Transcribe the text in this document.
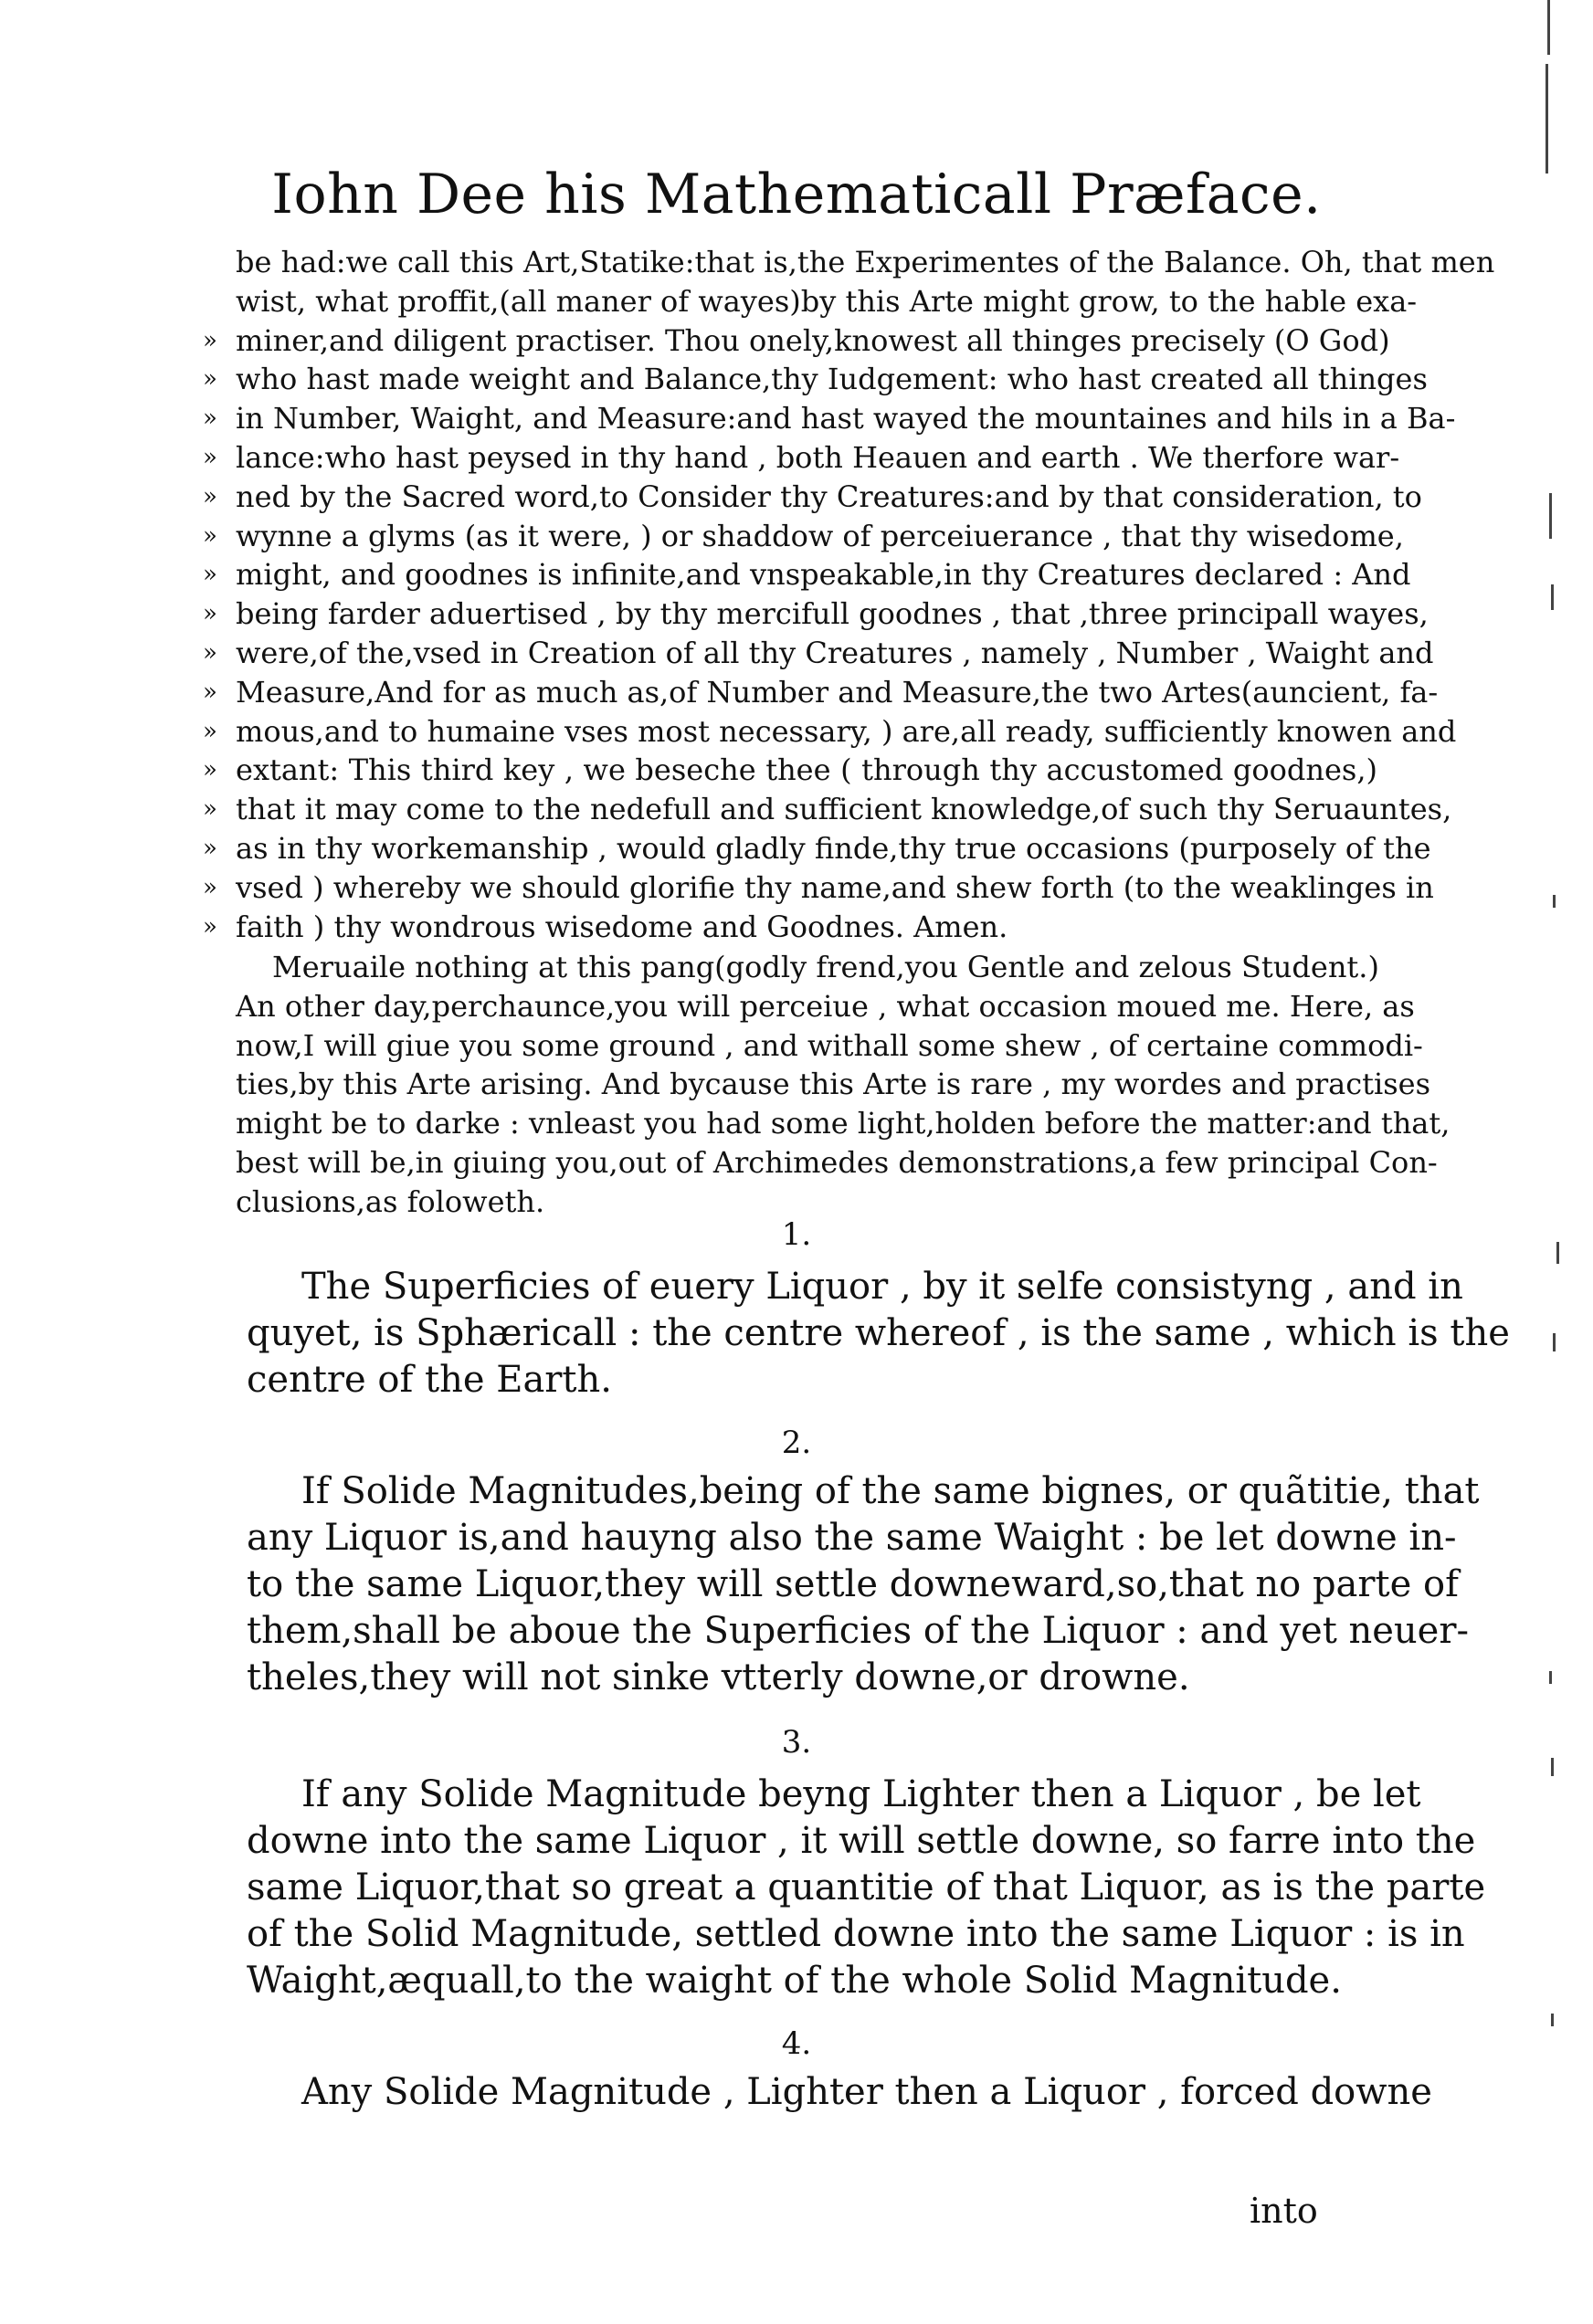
Iohn Dee his Mathematicall Præface.
be had:we call this Art,Statike:that is,the Experimentes of the Balance. Oh, that men
wist, what proffit,(all maner of wayes)by this Arte might grow, to the hable exa-
miner,and diligent practiser. Thou onely,knowest all thinges precisely (O God)
who hast made weight and Balance,thy Iudgement: who hast created all thinges
in Number, Waight, and Measure:and hast wayed the mountaines and hils in a Ba-
lance:who hast peysed in thy hand , both Heauen and earth . We therfore war-
ned by the Sacred word,to Consider thy Creatures:and by that consideration, to
wynne a glyms (as it were, ) or shaddow of perceiuerance , that thy wisedome,
might, and goodnes is infinite,and vnspeakable,in thy Creatures declared : And
being farder aduertised , by thy mercifull goodnes , that ,three principall wayes,
were,of the,vsed in Creation of all thy Creatures , namely , Number , Waight and
Measure,And for as much as,of Number and Measure,the two Artes(auncient, fa-
mous,and to humaine vses most necessary, ) are,all ready, sufficiently knowen and
extant: This third key , we beseche thee ( through thy accustomed goodnes,)
that it may come to the nedefull and sufficient knowledge,of such thy Seruauntes,
as in thy workemanship , would gladly finde,thy true occasions (purposely of the
vsed ) whereby we should glorifie thy name,and shew forth (to the weaklinges in
faith ) thy wondrous wisedome and Goodnes. Amen.
»
»
»
»
»
»
»
»
»
»
»
»
»
»
»
»
Meruaile nothing at this pang(godly frend,you Gentle and zelous Student.)
An other day,perchaunce,you will perceiue , what occasion moued me. Here, as
now,I will giue you some ground , and withall some shew , of certaine commodi-
ties,by this Arte arising. And bycause this Arte is rare , my wordes and practises
might be to darke : vnleast you had some light,holden before the matter:and that,
best will be,in giuing you,out of Archimedes demonstrations,a few principal Con-
clusions,as foloweth.
1.
The Superficies of euery Liquor , by it selfe consistyng , and in
quyet, is Sphæricall : the centre whereof , is the same , which is the
centre of the Earth.
2.
If Solide Magnitudes,being of the same bignes, or quãtitie, that
any Liquor is,and hauyng also the same Waight : be let downe in-
to the same Liquor,they will settle downeward,so,that no parte of
them,shall be aboue the Superficies of the Liquor : and yet neuer-
theles,they will not sinke vtterly downe,or drowne.
3.
If any Solide Magnitude beyng Lighter then a Liquor , be let
downe into the same Liquor , it will settle downe, so farre into the
same Liquor,that so great a quantitie of that Liquor, as is the parte
of the Solid Magnitude, settled downe into the same Liquor : is in
Waight,æquall,to the waight of the whole Solid Magnitude.
4.
Any Solide Magnitude , Lighter then a Liquor , forced downe
into
